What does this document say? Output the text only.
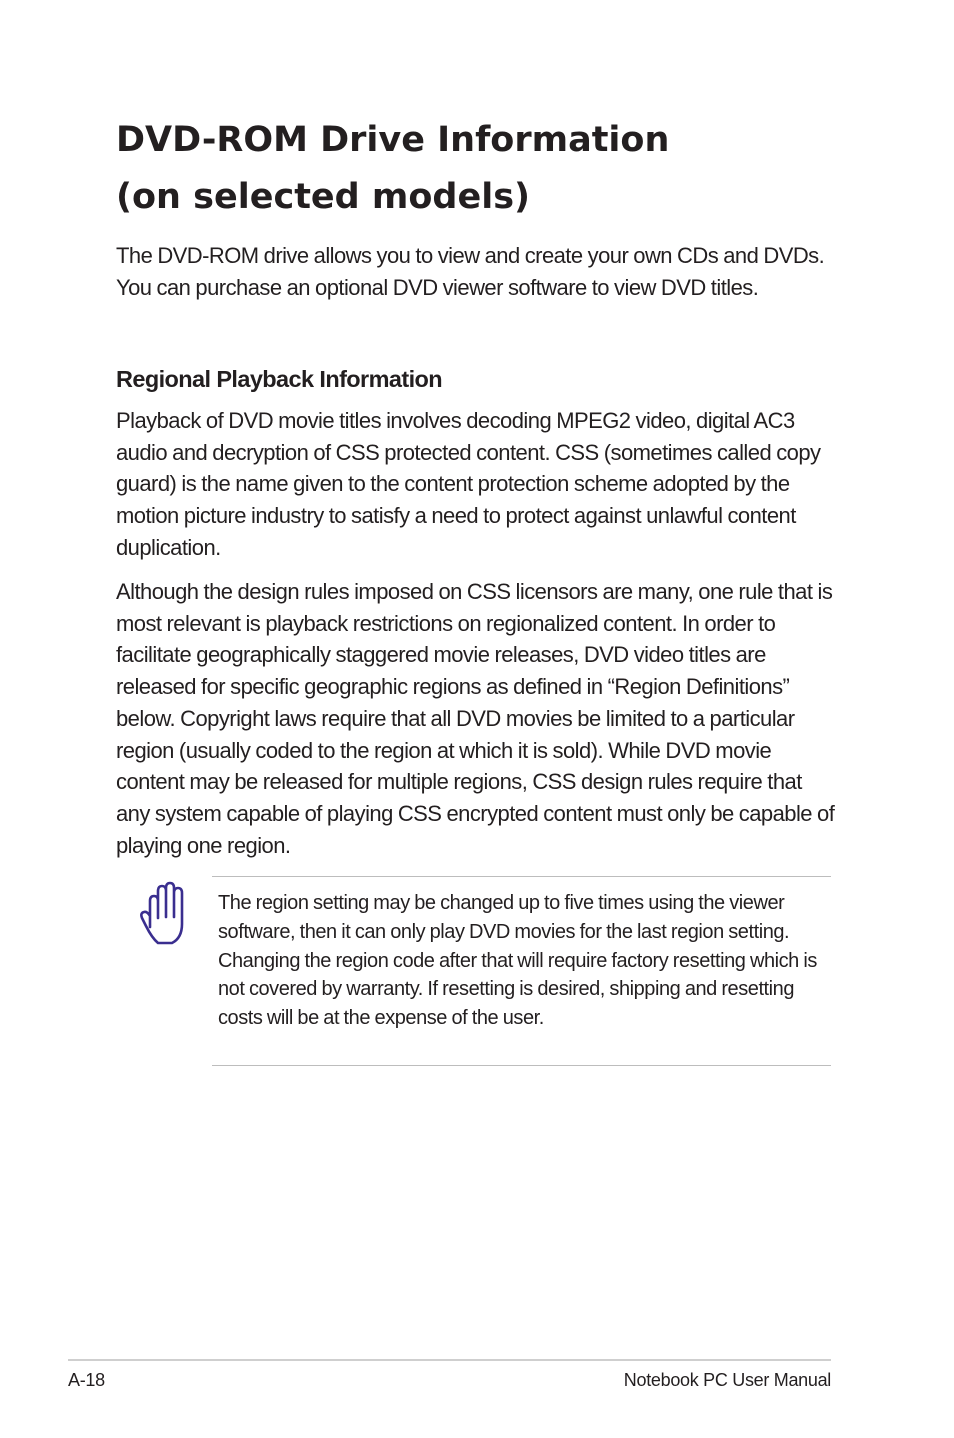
DVD-ROM Drive Information
(on selected models)

The DVD-ROM drive allows you to view and create your own CDs and DVDs. You can purchase an optional DVD viewer software to view DVD titles.

Regional Playback Information

Playback of DVD movie titles involves decoding MPEG2 video, digital AC3 audio and decryption of CSS protected content. CSS (sometimes called copy guard) is the name given to the content protection scheme adopted by the motion picture industry to satisfy a need to protect against unlawful content duplication.

Although the design rules imposed on CSS licensors are many, one rule that is most relevant is playback restrictions on regionalized content. In order to facilitate geographically staggered movie releases, DVD video titles are released for specific geographic regions as defined in “Region Definitions” below. Copyright laws require that all DVD movies be limited to a particular region (usually coded to the region at which it is sold). While DVD movie content may be released for multiple regions, CSS design rules require that any system capable of playing CSS encrypted content must only be capable of playing one region.

The region setting may be changed up to five times using the viewer software, then it can only play DVD movies for the last region setting. Changing the region code after that will require factory resetting which is not covered by warranty. If resetting is desired, shipping and resetting costs will be at the expense of the user.

A-18	Notebook PC User Manual
